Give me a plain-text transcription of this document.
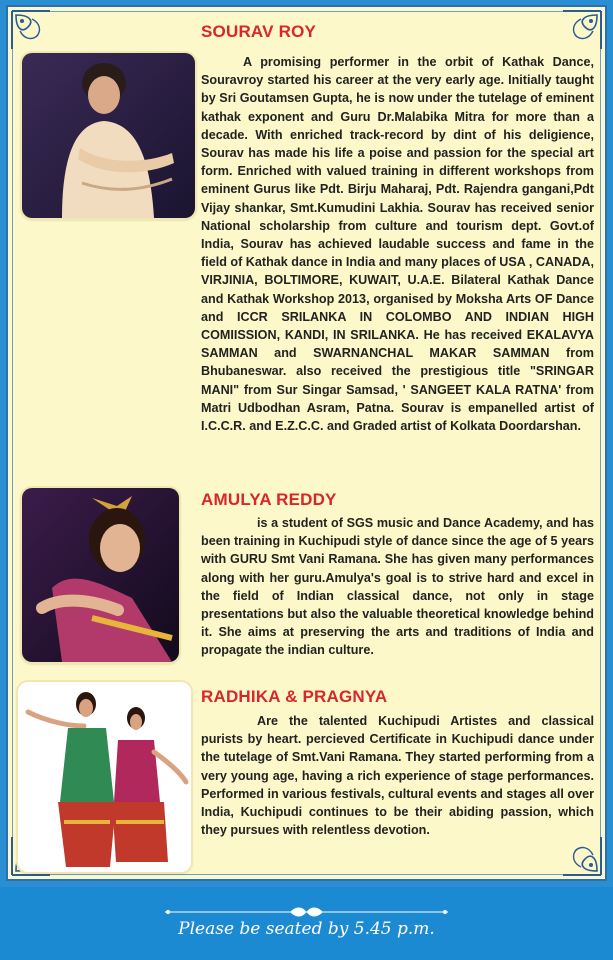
SOURAV ROY

A promising performer in the orbit of Kathak Dance, Souravroy started his career at the very early age. Initially taught by Sri Goutamsen Gupta, he is now under the tutelage of eminent kathak exponent and Guru Dr.Malabika Mitra for more than a decade. With enriched track-record by dint of his deligience, Sourav has made his life a poise and passion for the special art form. Enriched with valued training in different workshops from eminent Gurus like Pdt. Birju Maharaj, Pdt. Rajendra gangani,Pdt Vijay shankar, Smt.Kumudini Lakhia. Sourav has received senior National scholarship from culture and tourism dept. Govt.of India, Sourav has achieved laudable success and fame in the field of Kathak dance in India and many places of USA , CANADA, VIRJINIA, BOLTIMORE, KUWAIT, U.A.E. Bilateral Kathak Dance and Kathak Workshop 2013, organised by Moksha Arts OF Dance and ICCR SRILANKA IN COLOMBO AND INDIAN HIGH COMIISSION, KANDI, IN SRILANKA. He has received EKALAVYA SAMMAN and SWARNANCHAL MAKAR SAMMAN from Bhubaneswar. also received the prestigious title "SRINGAR MANI" from Sur Singar Samsad, ' SANGEET KALA RATNA' from Matri Udbodhan Asram, Patna. Sourav is empanelled artist of I.C.C.R. and E.Z.C.C. and Graded artist of Kolkata Doordarshan.

AMULYA REDDY

is a student of SGS music and Dance Academy, and has been training in Kuchipudi style of dance since the age of 5 years with GURU Smt Vani Ramana. She has given many performances along with her guru.Amulya's goal is to strive hard and excel in the field of Indian classical dance, not only in stage presentations but also the valuable theoretical knowledge behind it. She aims at preserving the arts and traditions of India and propagate the indian culture.

RADHIKA & PRAGNYA

Are the talented Kuchipudi Artistes and classical purists by heart. percieved Certificate in Kuchipudi dance under the tutelage of Smt.Vani Ramana. They started performing from a very young age, having a rich experience of stage performances. Performed in various festivals, cultural events and stages all over India, Kuchipudi continues to be their abiding passion, which they pursues with relentless devotion.

Please be seated by 5.45 p.m.
